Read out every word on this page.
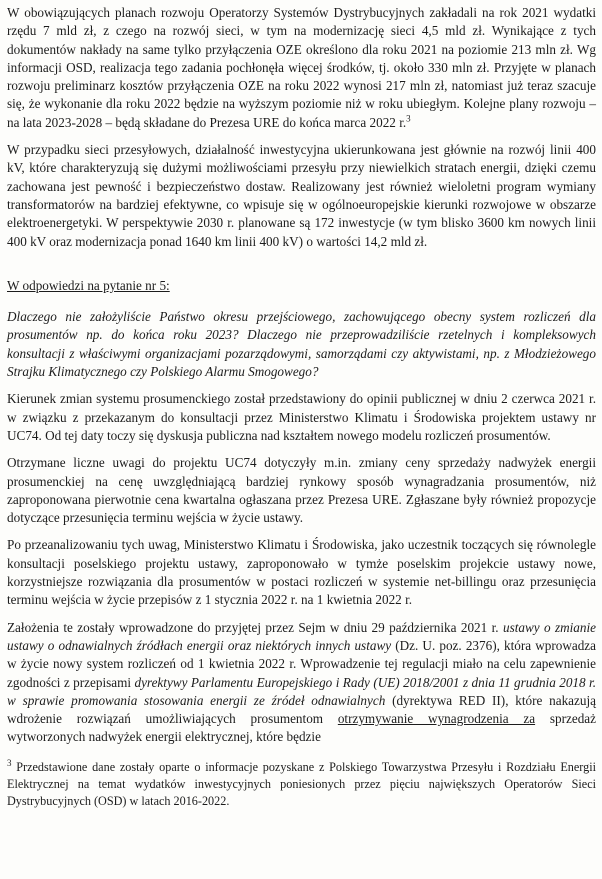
W obowiązujących planach rozwoju Operatorzy Systemów Dystrybucyjnych zakładali na rok 2021 wydatki rzędu 7 mld zł, z czego na rozwój sieci, w tym na modernizację sieci 4,5 mld zł. Wynikające z tych dokumentów nakłady na same tylko przyłączenia OZE określono dla roku 2021 na poziomie 213 mln zł. Wg informacji OSD, realizacja tego zadania pochłonęła więcej środków, tj. około 330 mln zł. Przyjęte w planach rozwoju preliminarz kosztów przyłączenia OZE na roku 2022 wynosi 217 mln zł, natomiast już teraz szacuje się, że wykonanie dla roku 2022 będzie na wyższym poziomie niż w roku ubiegłym. Kolejne plany rozwoju – na lata 2023-2028 – będą składane do Prezesa URE do końca marca 2022 r.$^3$

W przypadku sieci przesyłowych, działalność inwestycyjna ukierunkowana jest głównie na rozwój linii 400 kV, które charakteryzują się dużymi możliwościami przesyłu przy niewielkich stratach energii, dzięki czemu zachowana jest pewność i bezpieczeństwo dostaw. Realizowany jest również wieloletni program wymiany transformatorów na bardziej efektywne, co wpisuje się w ogólnoeuropejskie kierunki rozwojowe w obszarze elektroenergetyki. W perspektywie 2030 r. planowane są 172 inwestycje (w tym blisko 3600 km nowych linii 400 kV oraz modernizacja ponad 1640 km linii 400 kV) o wartości 14,2 mld zł.

W odpowiedzi na pytanie nr 5:

Dlaczego nie założyliście Państwo okresu przejściowego, zachowującego obecny system rozliczeń dla prosumentów np. do końca roku 2023? Dlaczego nie przeprowadziliście rzetelnych i kompleksowych konsultacji z właściwymi organizacjami pozarządowymi, samorządami czy aktywistami, np. z Młodzieżowego Strajku Klimatycznego czy Polskiego Alarmu Smogowego?

Kierunek zmian systemu prosumenckiego został przedstawiony do opinii publicznej w dniu 2 czerwca 2021 r. w związku z przekazanym do konsultacji przez Ministerstwo Klimatu i Środowiska projektem ustawy nr UC74. Od tej daty toczy się dyskusja publiczna nad kształtem nowego modelu rozliczeń prosumentów.

Otrzymane liczne uwagi do projektu UC74 dotyczyły m.in. zmiany ceny sprzedaży nadwyżek energii prosumenckiej na cenę uwzględniającą bardziej rynkowy sposób wynagradzania prosumentów, niż zaproponowana pierwotnie cena kwartalna ogłaszana przez Prezesa URE. Zgłaszane były również propozycje dotyczące przesunięcia terminu wejścia w życie ustawy.

Po przeanalizowaniu tych uwag, Ministerstwo Klimatu i Środowiska, jako uczestnik toczących się równolegle konsultacji poselskiego projektu ustawy, zaproponowało w tymże poselskim projekcie ustawy nowe, korzystniejsze rozwiązania dla prosumentów w postaci rozliczeń w systemie net-billingu oraz przesunięcia terminu wejścia w życie przepisów z 1 stycznia 2022 r. na 1 kwietnia 2022 r.

Założenia te zostały wprowadzone do przyjętej przez Sejm w dniu 29 października 2021 r. ustawy o zmianie ustawy o odnawialnych źródłach energii oraz niektórych innych ustawy (Dz. U. poz. 2376), która wprowadza w życie nowy system rozliczeń od 1 kwietnia 2022 r. Wprowadzenie tej regulacji miało na celu zapewnienie zgodności z przepisami dyrektywy Parlamentu Europejskiego i Rady (UE) 2018/2001 z dnia 11 grudnia 2018 r. w sprawie promowania stosowania energii ze źródeł odnawialnych (dyrektywa RED II), które nakazują wdrożenie rozwiązań umożliwiających prosumentom otrzymywanie wynagrodzenia za sprzedaż wytworzonych nadwyżek energii elektrycznej, które będzie

$^3$ Przedstawione dane zostały oparte o informacje pozyskane z Polskiego Towarzystwa Przesyłu i Rozdziału Energii Elektrycznej na temat wydatków inwestycyjnych poniesionych przez pięciu największych Operatorów Sieci Dystrybucyjnych (OSD) w latach 2016-2022.
